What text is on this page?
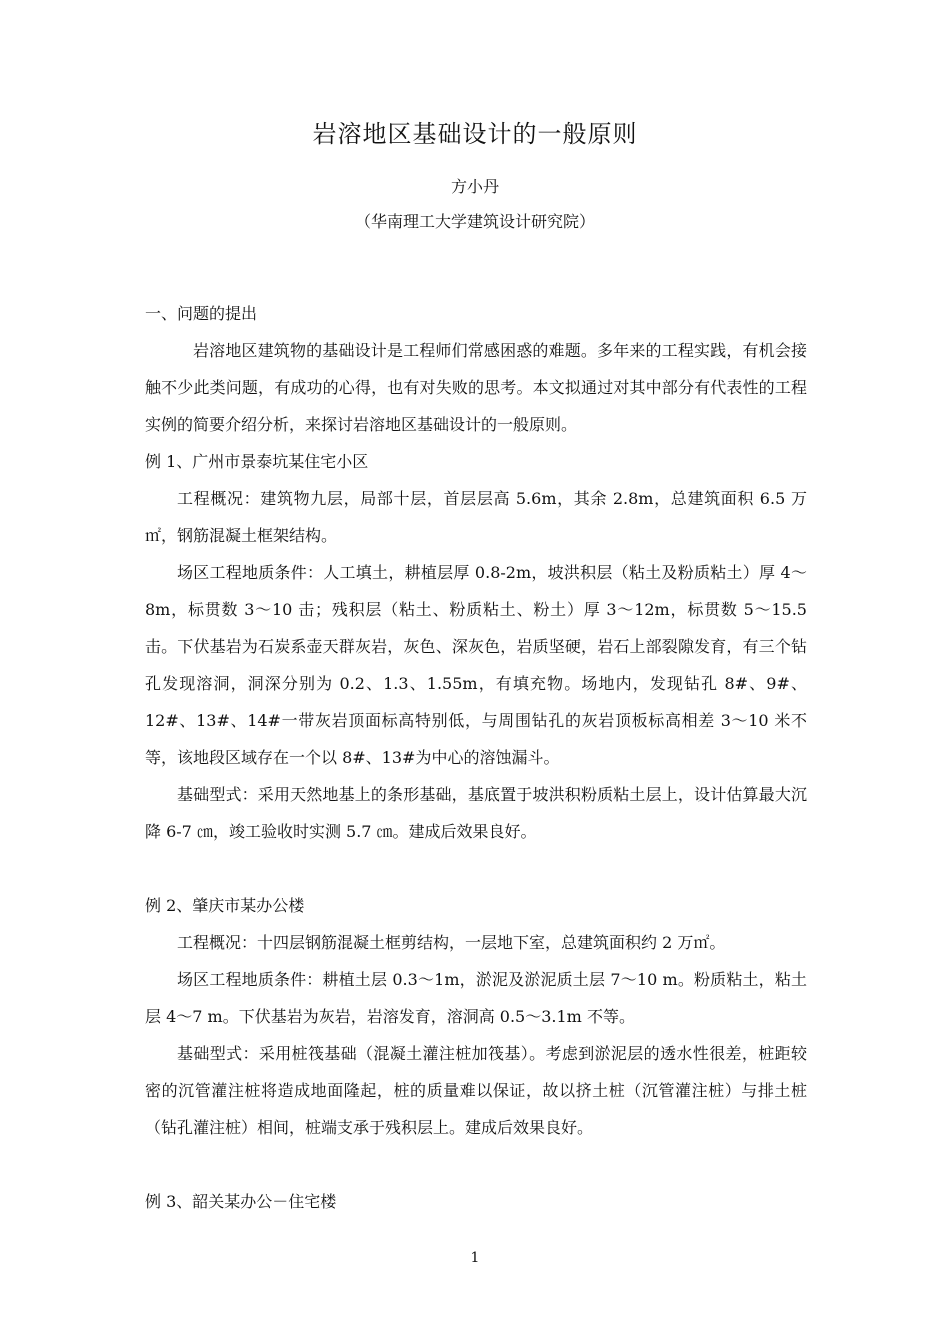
岩溶地区基础设计的一般原则
方小丹
（华南理工大学建筑设计研究院）

一、问题的提出

岩溶地区建筑物的基础设计是工程师们常感困惑的难题。多年来的工程实践，有机会接触不少此类问题，有成功的心得，也有对失败的思考。本文拟通过对其中部分有代表性的工程实例的简要介绍分析，来探讨岩溶地区基础设计的一般原则。

例 1、广州市景泰坑某住宅小区

工程概况：建筑物九层，局部十层，首层层高 5.6m，其余 2.8m，总建筑面积 6.5 万㎡，钢筋混凝土框架结构。

场区工程地质条件：人工填土，耕植层厚 0.8-2m，坡洪积层（粘土及粉质粘土）厚 4～8m，标贯数 3～10 击；残积层（粘土、粉质粘土、粉土）厚 3～12m，标贯数 5～15.5 击。下伏基岩为石炭系壶天群灰岩，灰色、深灰色，岩质坚硬，岩石上部裂隙发育，有三个钻孔发现溶洞，洞深分别为 0.2、1.3、1.55m，有填充物。场地内，发现钻孔 8#、9#、12#、13#、14#一带灰岩顶面标高特别低，与周围钻孔的灰岩顶板标高相差 3～10 米不等，该地段区域存在一个以 8#、13#为中心的溶蚀漏斗。

基础型式：采用天然地基上的条形基础，基底置于坡洪积粉质粘土层上，设计估算最大沉降 6-7 ㎝，竣工验收时实测 5.7 ㎝。建成后效果良好。

例 2、肇庆市某办公楼

工程概况：十四层钢筋混凝土框剪结构，一层地下室，总建筑面积约 2 万㎡。

场区工程地质条件：耕植土层 0.3～1m，淤泥及淤泥质土层 7～10 m。粉质粘土，粘土层 4～7 m。下伏基岩为灰岩，岩溶发育，溶洞高 0.5～3.1m 不等。

基础型式：采用桩筏基础（混凝土灌注桩加筏基）。考虑到淤泥层的透水性很差，桩距较密的沉管灌注桩将造成地面隆起，桩的质量难以保证，故以挤土桩（沉管灌注桩）与排土桩（钻孔灌注桩）相间，桩端支承于残积层上。建成后效果良好。

例 3、韶关某办公－住宅楼

1
